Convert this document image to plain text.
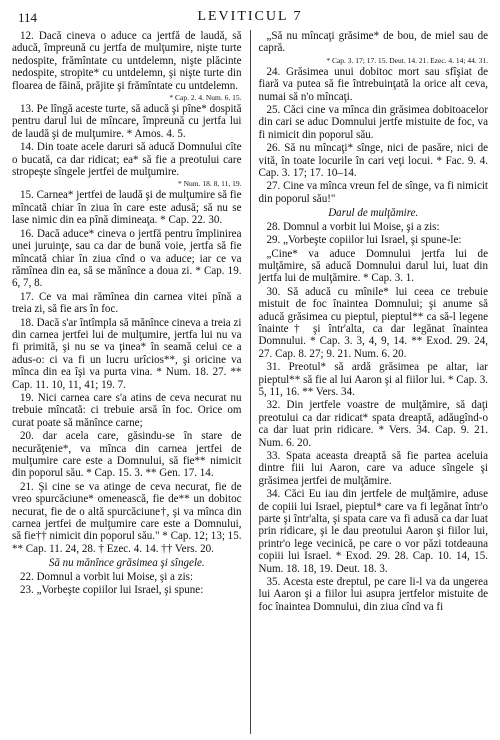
114	LEVITICUL 7
12. Dacă cineva o aduce ca jertfă de laudă, să aducă, împreună cu jertfa de mulţumire, nişte turte nedospite, frămîntate cu untdelemn, nişte plăcinte nedospite, stropite* cu untdelemn, şi nişte turte din floarea de făină, prăjite şi frămîntate cu untdelemn.
* Cap. 2. 4. Num. 6. 15.
13. Pe lîngă aceste turte, să aducă şi pîne* dospită pentru darul lui de mîncare, împreună cu jertfa lui de laudă şi de mulţumire. * Amos. 4. 5.
14. Din toate acele daruri să aducă Domnului cîte o bucată, ca dar ridicat; ea* să fie a preotului care stropeşte sîngele jertfei de mulţumire.
* Num. 18. 8, 11, 19.
15. Carnea* jertfei de laudă şi de mulţumire să fie mîncată chiar în ziua în care este adusă; să nu se lase nimic din ea pînă dimineaţa. * Cap. 22. 30.
16. Dacă aduce* cineva o jertfă pentru împlinirea unei juruinţe, sau ca dar de bună voie, jertfa să fie mîncată chiar în ziua cînd o va aduce; iar ce va rămînea din ea, să se mănînce a doua zi. * Cap. 19. 6, 7, 8.
17. Ce va mai rămînea din carnea vitei pînă a treia zi, să fie ars în foc.
18. Dacă s'ar întîmpla să mănînce cineva a treia zi din carnea jertfei lui de mulţumire, jertfa lui nu va fi primită, şi nu se va ţinea* în seamă celui ce a adus-o: ci va fi un lucru urîcios**, şi oricine va mînca din ea îşi va purta vina. * Num. 18. 27. ** Cap. 11. 10, 11, 41; 19. 7.
19. Nici carnea care s'a atins de ceva necurat nu trebuie mîncată: ci trebuie arsă în foc. Orice om curat poate să mănînce carne;
20. dar acela care, găsindu-se în stare de necurăţenie*, va mînca din carnea jertfei de mulţumire care este a Domnului, să fie** nimicit din poporul său. * Cap. 15. 3. ** Gen. 17. 14.
21. Şi cine se va atinge de ceva necurat, fie de vreo spurcăciune* omenească, fie de** un dobitoc necurat, fie de o altă spurcăciune†, şi va mînca din carnea jertfei de mulţumire care este a Domnului, să fie†† nimicit din poporul său." * Cap. 12; 13; 15. ** Cap. 11. 24, 28. † Ezec. 4. 14. †† Vers. 20.
Să nu mănînce grăsimea şi sîngele.
22. Domnul a vorbit lui Moise, şi a zis:
23. „Vorbeşte copiilor lui Israel, şi spune:
„Să nu mîncaţi grăsime* de bou, de miel sau de capră.
* Cap. 3. 17; 17. 15. Deut. 14. 21. Ezec. 4. 14; 44. 31.
24. Grăsimea unui dobitoc mort sau sfîşiat de fiară va putea să fie întrebuinţată la orice alt ceva, numai să n'o mîncaţi.
25. Căci cine va mînca din grăsimea dobitoacelor din cari se aduc Domnului jertfe mistuite de foc, va fi nimicit din poporul său.
26. Să nu mîncaţi* sînge, nici de pasăre, nici de vită, în toate locurile în cari veţi locui. * Fac. 9. 4. Cap. 3. 17; 17. 10–14.
27. Cine va mînca vreun fel de sînge, va fi nimicit din poporul său!"
Darul de mulţămire.
28. Domnul a vorbit lui Moise, şi a zis:
29. „Vorbeşte copiilor lui Israel, şi spune-le:
„Cine* va aduce Domnului jertfa lui de mulţămire, să aducă Domnului darul lui, luat din jertfa lui de mulţămire. * Cap. 3. 1.
30. Să aducă cu mînile* lui ceea ce trebuie mistuit de foc înaintea Domnului; şi anume să aducă grăsimea cu pieptul, pieptul** ca să-l legene înainte† şi într'alta, ca dar legănat înaintea Domnului. * Cap. 3. 3, 4, 9, 14. ** Exod. 29. 24, 27. Cap. 8. 27; 9. 21. Num. 6. 20.
31. Preotul* să ardă grăsimea pe altar, iar pieptul** să fie al lui Aaron şi al fiilor lui. * Cap. 3. 5, 11, 16. ** Vers. 34.
32. Din jertfele voastre de mulţămire, să daţi preotului ca dar ridicat* spata dreaptă, adăugînd-o ca dar luat prin ridicare. * Vers. 34. Cap. 9. 21. Num. 6. 20.
33. Spata aceasta dreaptă să fie partea aceluia dintre fiii lui Aaron, care va aduce sîngele şi grăsimea jertfei de mulţămire.
34. Căci Eu iau din jertfele de mulţămire, aduse de copiii lui Israel, pieptul* care va fi legănat într'o parte şi într'alta, şi spata care va fi adusă ca dar luat prin ridicare, şi le dau preotului Aaron şi fiilor lui, printr'o lege vecinică, pe care o vor păzi totdeauna copiii lui Israel. * Exod. 29. 28. Cap. 10. 14, 15. Num. 18. 18, 19. Deut. 18. 3.
35. Acesta este dreptul, pe care li-l va da ungerea lui Aaron şi a fiilor lui asupra jertfelor mistuite de foc înaintea Domnului, din ziua cînd va fi
